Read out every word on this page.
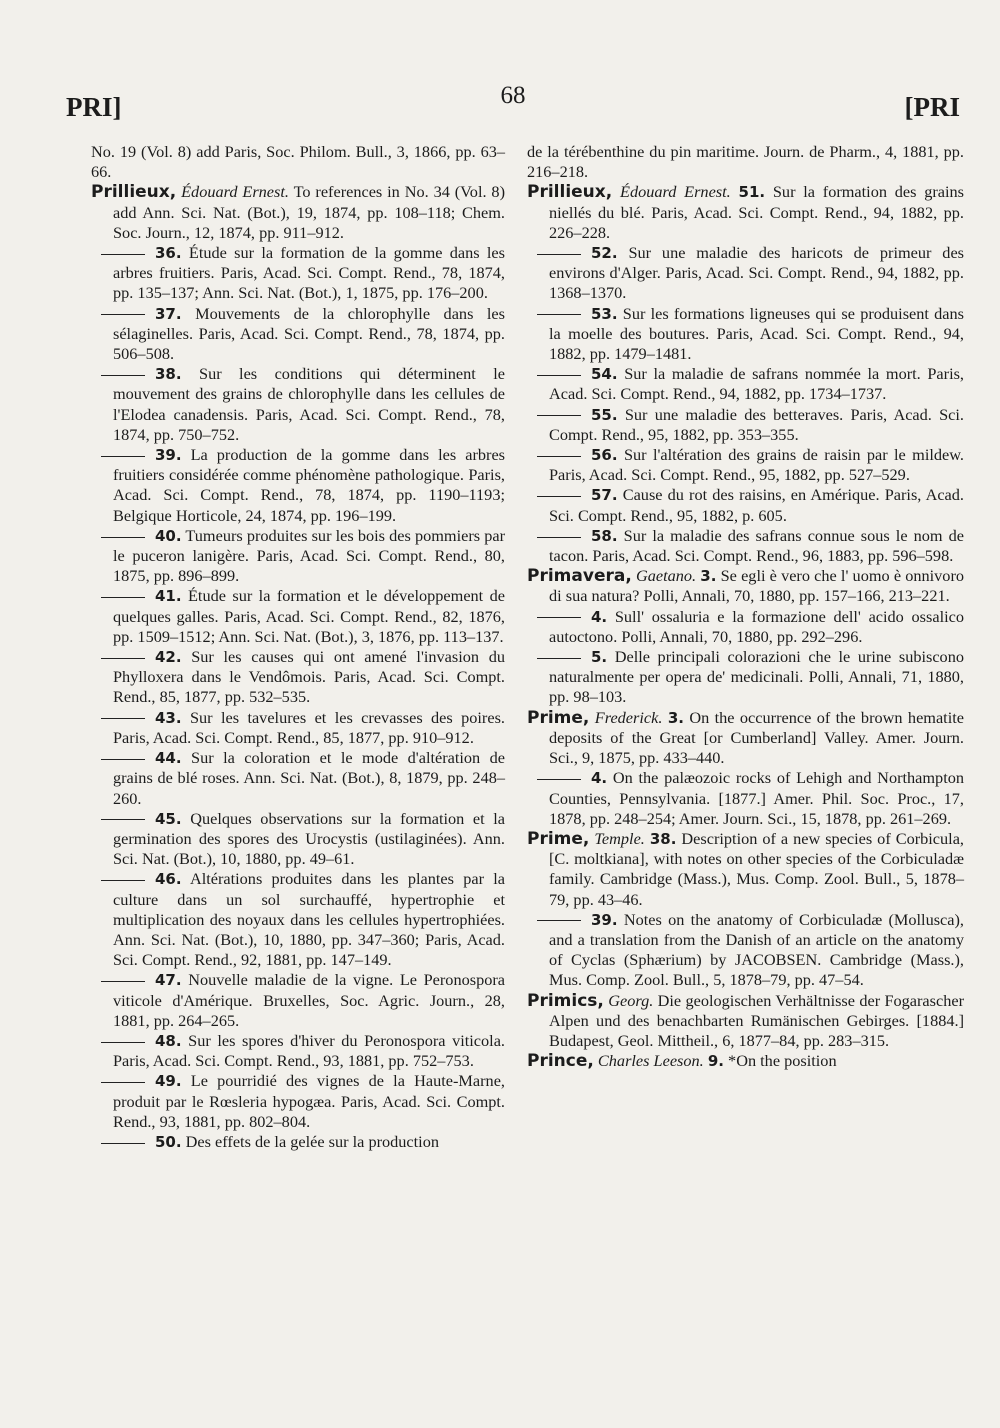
PRI]	68	[PRI

No. 19 (Vol. 8) add Paris, Soc. Philom. Bull., 3, 1866, pp. 63–66.

Prillieux, Édouard Ernest. To references in No. 34 (Vol. 8) add Ann. Sci. Nat. (Bot.), 19, 1874, pp. 108–118; Chem. Soc. Journ., 12, 1874, pp. 911–912.

36. Étude sur la formation de la gomme dans les arbres fruitiers. Paris, Acad. Sci. Compt. Rend., 78, 1874, pp. 135–137; Ann. Sci. Nat. (Bot.), 1, 1875, pp. 176–200.

37. Mouvements de la chlorophylle dans les sélaginelles. Paris, Acad. Sci. Compt. Rend., 78, 1874, pp. 506–508.

38. Sur les conditions qui déterminent le mouvement des grains de chlorophylle dans les cellules de l'Elodea canadensis. Paris, Acad. Sci. Compt. Rend., 78, 1874, pp. 750–752.

39. La production de la gomme dans les arbres fruitiers considérée comme phénomène pathologique. Paris, Acad. Sci. Compt. Rend., 78, 1874, pp. 1190–1193; Belgique Horticole, 24, 1874, pp. 196–199.

40. Tumeurs produites sur les bois des pommiers par le puceron lanigère. Paris, Acad. Sci. Compt. Rend., 80, 1875, pp. 896–899.

41. Étude sur la formation et le développement de quelques galles. Paris, Acad. Sci. Compt. Rend., 82, 1876, pp. 1509–1512; Ann. Sci. Nat. (Bot.), 3, 1876, pp. 113–137.

42. Sur les causes qui ont amené l'invasion du Phylloxera dans le Vendômois. Paris, Acad. Sci. Compt. Rend., 85, 1877, pp. 532–535.

43. Sur les tavelures et les crevasses des poires. Paris, Acad. Sci. Compt. Rend., 85, 1877, pp. 910–912.

44. Sur la coloration et le mode d'altération de grains de blé roses. Ann. Sci. Nat. (Bot.), 8, 1879, pp. 248–260.

45. Quelques observations sur la formation et la germination des spores des Urocystis (ustilaginées). Ann. Sci. Nat. (Bot.), 10, 1880, pp. 49–61.

46. Altérations produites dans les plantes par la culture dans un sol surchauffé, hypertrophie et multiplication des noyaux dans les cellules hypertrophiées. Ann. Sci. Nat. (Bot.), 10, 1880, pp. 347–360; Paris, Acad. Sci. Compt. Rend., 92, 1881, pp. 147–149.

47. Nouvelle maladie de la vigne. Le Peronospora viticole d'Amérique. Bruxelles, Soc. Agric. Journ., 28, 1881, pp. 264–265.

48. Sur les spores d'hiver du Peronospora viticola. Paris, Acad. Sci. Compt. Rend., 93, 1881, pp. 752–753.

49. Le pourridié des vignes de la Haute-Marne, produit par le Rœsleria hypogæa. Paris, Acad. Sci. Compt. Rend., 93, 1881, pp. 802–804.

50. Des effets de la gelée sur la production

de la térébenthine du pin maritime. Journ. de Pharm., 4, 1881, pp. 216–218.

Prillieux, Édouard Ernest. 51. Sur la formation des grains niellés du blé. Paris, Acad. Sci. Compt. Rend., 94, 1882, pp. 226–228.

52. Sur une maladie des haricots de primeur des environs d'Alger. Paris, Acad. Sci. Compt. Rend., 94, 1882, pp. 1368–1370.

53. Sur les formations ligneuses qui se produisent dans la moelle des boutures. Paris, Acad. Sci. Compt. Rend., 94, 1882, pp. 1479–1481.

54. Sur la maladie de safrans nommée la mort. Paris, Acad. Sci. Compt. Rend., 94, 1882, pp. 1734–1737.

55. Sur une maladie des betteraves. Paris, Acad. Sci. Compt. Rend., 95, 1882, pp. 353–355.

56. Sur l'altération des grains de raisin par le mildew. Paris, Acad. Sci. Compt. Rend., 95, 1882, pp. 527–529.

57. Cause du rot des raisins, en Amérique. Paris, Acad. Sci. Compt. Rend., 95, 1882, p. 605.

58. Sur la maladie des safrans connue sous le nom de tacon. Paris, Acad. Sci. Compt. Rend., 96, 1883, pp. 596–598.

Primavera, Gaetano. 3. Se egli è vero che l' uomo è onnivoro di sua natura? Polli, Annali, 70, 1880, pp. 157–166, 213–221.

4. Sull' ossaluria e la formazione dell' acido ossalico autoctono. Polli, Annali, 70, 1880, pp. 292–296.

5. Delle principali colorazioni che le urine subiscono naturalmente per opera de' medicinali. Polli, Annali, 71, 1880, pp. 98–103.

Prime, Frederick. 3. On the occurrence of the brown hematite deposits of the Great [or Cumberland] Valley. Amer. Journ. Sci., 9, 1875, pp. 433–440.

4. On the palæozoic rocks of Lehigh and Northampton Counties, Pennsylvania. [1877.] Amer. Phil. Soc. Proc., 17, 1878, pp. 248–254; Amer. Journ. Sci., 15, 1878, pp. 261–269.

Prime, Temple. 38. Description of a new species of Corbicula, [C. moltkiana], with notes on other species of the Corbiculadæ family. Cambridge (Mass.), Mus. Comp. Zool. Bull., 5, 1878–79, pp. 43–46.

39. Notes on the anatomy of Corbiculadæ (Mollusca), and a translation from the Danish of an article on the anatomy of Cyclas (Sphærium) by JACOBSEN. Cambridge (Mass.), Mus. Comp. Zool. Bull., 5, 1878–79, pp. 47–54.

Primics, Georg. Die geologischen Verhältnisse der Fogarascher Alpen und des benachbarten Rumänischen Gebirges. [1884.] Budapest, Geol. Mittheil., 6, 1877–84, pp. 283–315.

Prince, Charles Leeson. 9. *On the position
